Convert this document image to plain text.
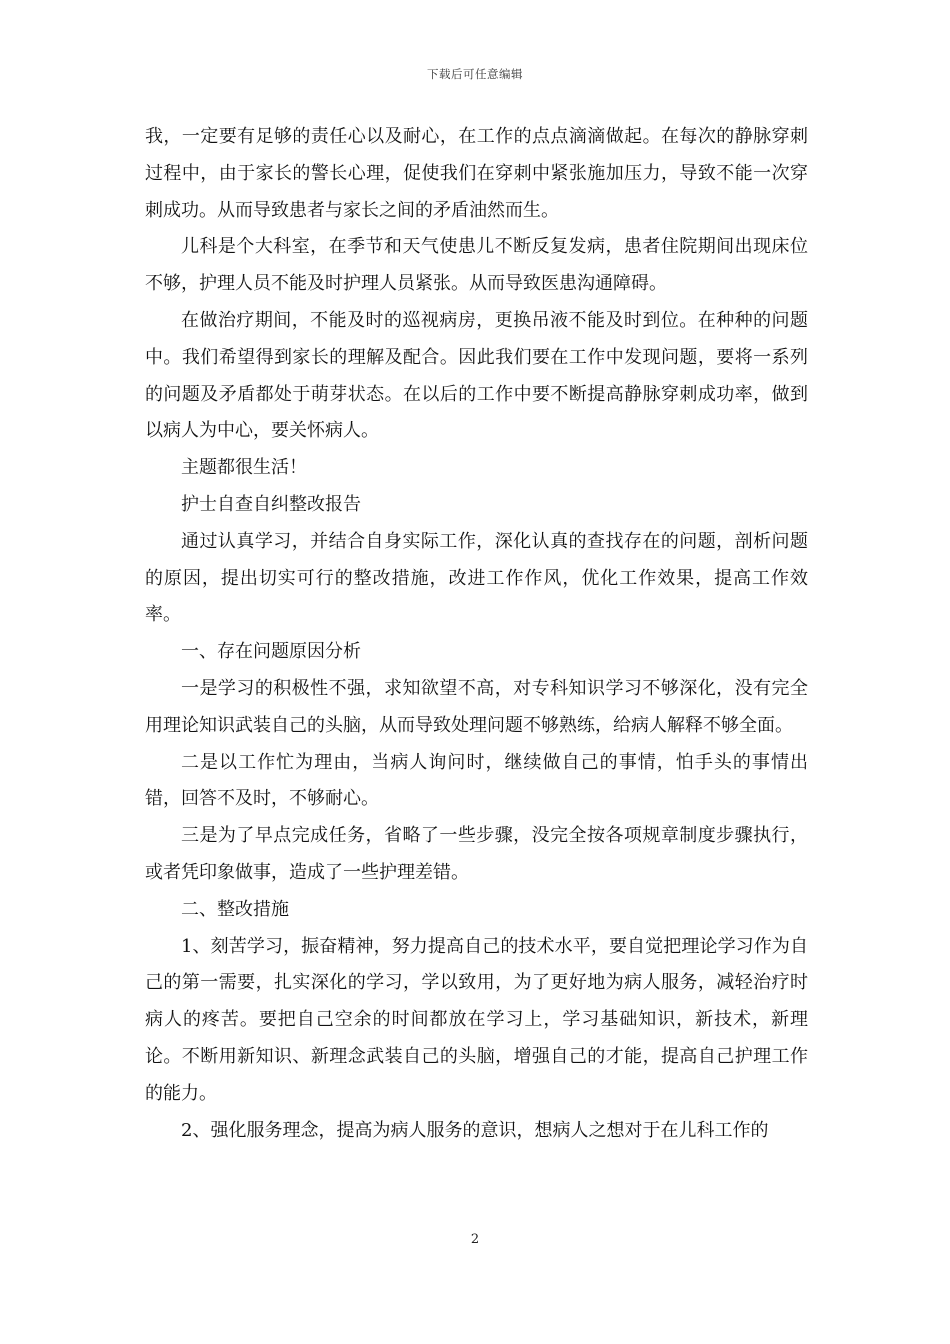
下载后可任意编辑

我，一定要有足够的责任心以及耐心，在工作的点点滴滴做起。在每次的静脉穿刺过程中，由于家长的警长心理，促使我们在穿刺中紧张施加压力，导致不能一次穿刺成功。从而导致患者与家长之间的矛盾油然而生。

儿科是个大科室，在季节和天气使患儿不断反复发病，患者住院期间出现床位不够，护理人员不能及时护理人员紧张。从而导致医患沟通障碍。

在做治疗期间，不能及时的巡视病房，更换吊液不能及时到位。在种种的问题中。我们希望得到家长的理解及配合。因此我们要在工作中发现问题，要将一系列的问题及矛盾都处于萌芽状态。在以后的工作中要不断提高静脉穿刺成功率，做到以病人为中心，要关怀病人。

主题都很生活！

护士自查自纠整改报告

通过认真学习，并结合自身实际工作，深化认真的查找存在的问题，剖析问题的原因，提出切实可行的整改措施，改进工作作风，优化工作效果，提高工作效率。

一、存在问题原因分析

一是学习的积极性不强，求知欲望不高，对专科知识学习不够深化，没有完全用理论知识武装自己的头脑，从而导致处理问题不够熟练，给病人解释不够全面。

二是以工作忙为理由，当病人询问时，继续做自己的事情，怕手头的事情出错，回答不及时，不够耐心。

三是为了早点完成任务，省略了一些步骤，没完全按各项规章制度步骤执行，或者凭印象做事，造成了一些护理差错。

二、整改措施

1、刻苦学习，振奋精神，努力提高自己的技术水平，要自觉把理论学习作为自己的第一需要，扎实深化的学习，学以致用，为了更好地为病人服务，减轻治疗时病人的疼苦。要把自己空余的时间都放在学习上，学习基础知识，新技术，新理论。不断用新知识、新理念武装自己的头脑，增强自己的才能，提高自己护理工作的能力。

2、强化服务理念，提高为病人服务的意识，想病人之想对于在儿科工作的

2
